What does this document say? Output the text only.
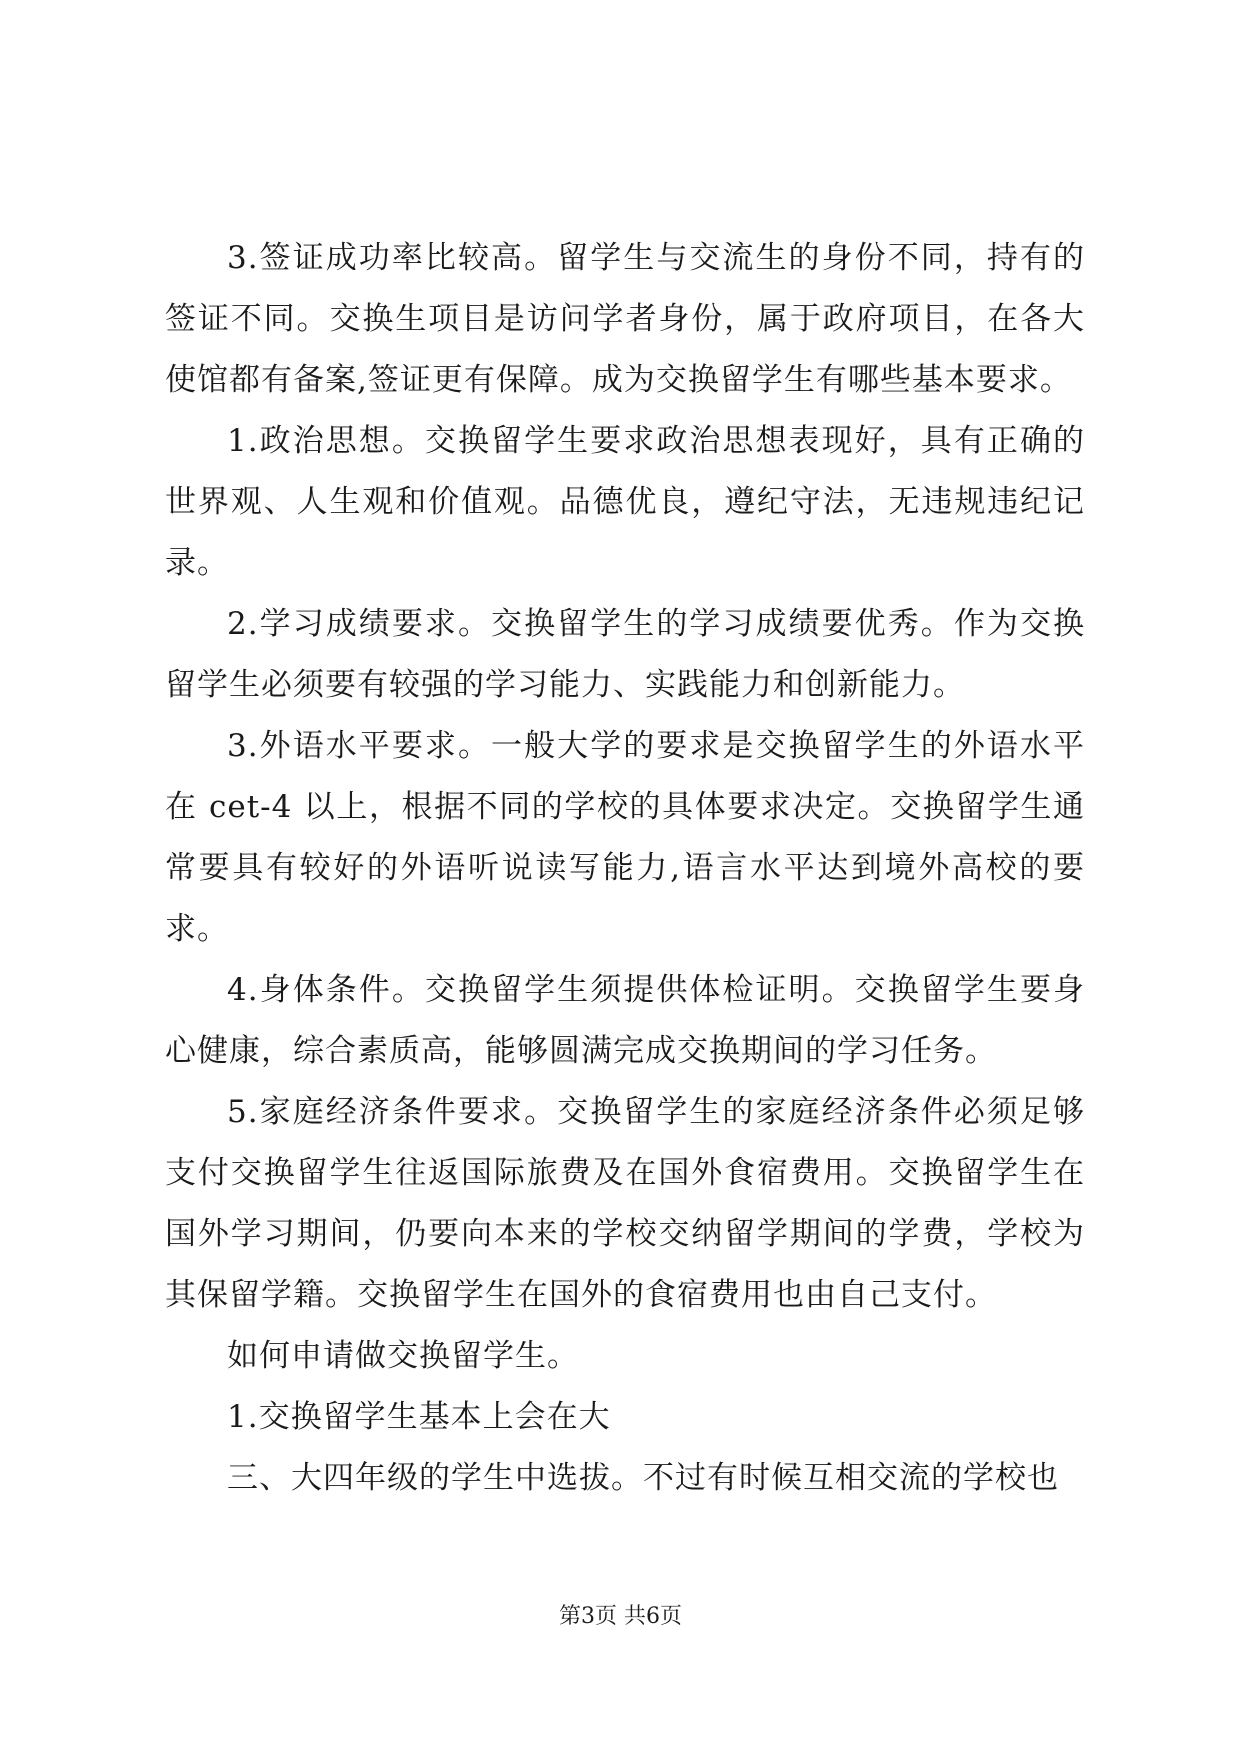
3.签证成功率比较高。留学生与交流生的身份不同，持有的签证不同。交换生项目是访问学者身份，属于政府项目，在各大使馆都有备案,签证更有保障。成为交换留学生有哪些基本要求。

1.政治思想。交换留学生要求政治思想表现好，具有正确的世界观、人生观和价值观。品德优良，遵纪守法，无违规违纪记录。

2.学习成绩要求。交换留学生的学习成绩要优秀。作为交换留学生必须要有较强的学习能力、实践能力和创新能力。

3.外语水平要求。一般大学的要求是交换留学生的外语水平在 cet-4 以上，根据不同的学校的具体要求决定。交换留学生通常要具有较好的外语听说读写能力,语言水平达到境外高校的要求。

4.身体条件。交换留学生须提供体检证明。交换留学生要身心健康，综合素质高，能够圆满完成交换期间的学习任务。

5.家庭经济条件要求。交换留学生的家庭经济条件必须足够支付交换留学生往返国际旅费及在国外食宿费用。交换留学生在国外学习期间，仍要向本来的学校交纳留学期间的学费，学校为其保留学籍。交换留学生在国外的食宿费用也由自己支付。

如何申请做交换留学生。

1.交换留学生基本上会在大

三、大四年级的学生中选拔。不过有时候互相交流的学校也

第3页 共6页
